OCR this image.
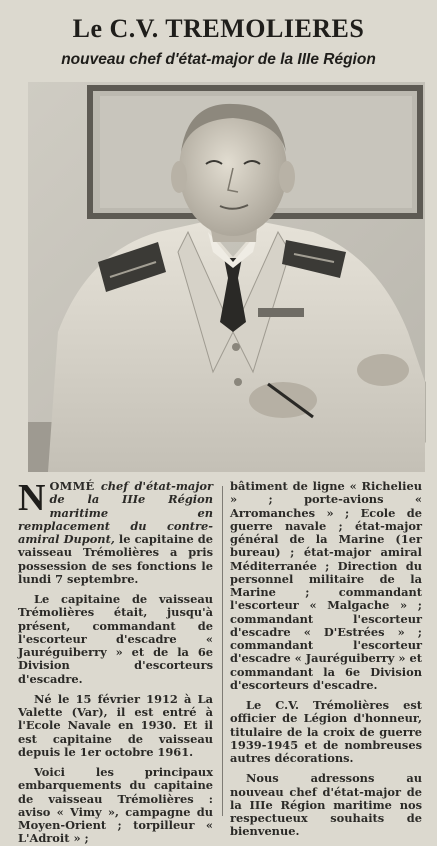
Le C.V. TREMOLIERES
nouveau chef d'état-major de la IIIe Région

NOMMÉ chef d'état-major de la IIIe Région maritime en remplacement du contre-amiral Dupont, le capitaine de vaisseau Trémolières a pris possession de ses fonctions le lundi 7 septembre.

Le capitaine de vaisseau Trémolières était, jusqu'à présent, commandant de l'escorteur d'escadre « Jauréguiberry » et de la 6e Division d'escorteurs d'escadre.

Né le 15 février 1912 à La Valette (Var), il est entré à l'Ecole Navale en 1930. Et il est capitaine de vaisseau depuis le 1er octobre 1961.

Voici les principaux embarquements du capitaine de vaisseau Trémolières : aviso « Vimy », campagne du Moyen-Orient ; torpilleur « L'Adroit » ;

bâtiment de ligne « Richelieu » ; porte-avions « Arromanches » ; Ecole de guerre navale ; état-major général de la Marine (1er bureau) ; état-major amiral Méditerranée ; Direction du personnel militaire de la Marine ; commandant l'escorteur « Malgache » ; commandant l'escorteur d'escadre « D'Estrées » ; commandant l'escorteur d'escadre « Jauréguiberry » et commandant la 6e Division d'escorteurs d'escadre.

Le C.V. Trémolières est officier de Légion d'honneur, titulaire de la croix de guerre 1939-1945 et de nombreuses autres décorations.

Nous adressons au nouveau chef d'état-major de la IIIe Région maritime nos respectueux souhaits de bienvenue.
